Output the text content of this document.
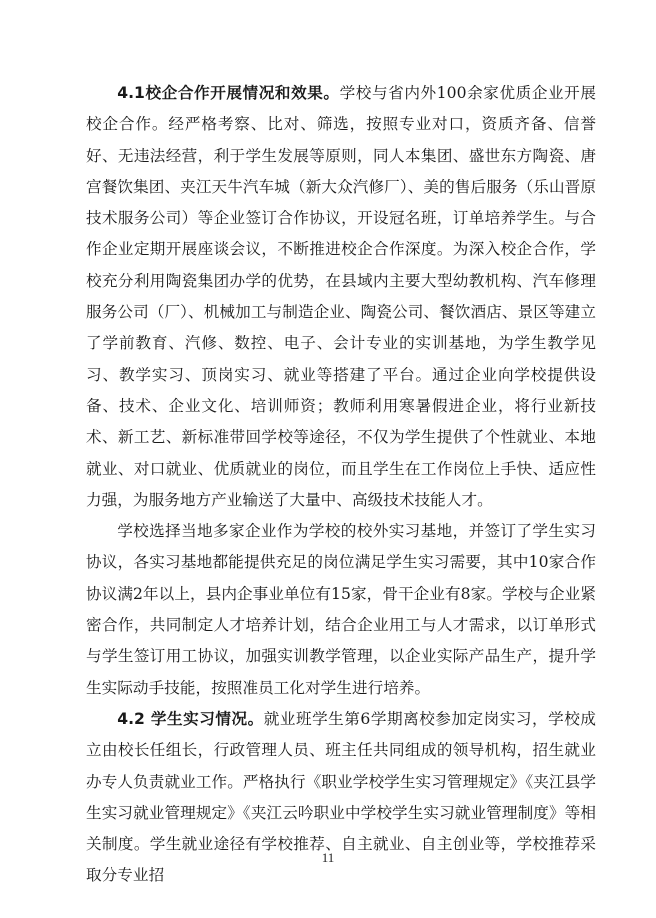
4.1校企合作开展情况和效果。学校与省内外100余家优质企业开展校企合作。经严格考察、比对、筛选，按照专业对口，资质齐备、信誉好、无违法经营，利于学生发展等原则，同人本集团、盛世东方陶瓷、唐宫餐饮集团、夹江天牛汽车城（新大众汽修厂）、美的售后服务（乐山晋原技术服务公司）等企业签订合作协议，开设冠名班，订单培养学生。与合作企业定期开展座谈会议，不断推进校企合作深度。为深入校企合作，学校充分利用陶瓷集团办学的优势，在县域内主要大型幼教机构、汽车修理服务公司（厂）、机械加工与制造企业、陶瓷公司、餐饮酒店、景区等建立了学前教育、汽修、数控、电子、会计专业的实训基地，为学生教学见习、教学实习、顶岗实习、就业等搭建了平台。通过企业向学校提供设备、技术、企业文化、培训师资；教师利用寒暑假进企业，将行业新技术、新工艺、新标准带回学校等途径，不仅为学生提供了个性就业、本地就业、对口就业、优质就业的岗位，而且学生在工作岗位上手快、适应性力强，为服务地方产业输送了大量中、高级技术技能人才。

学校选择当地多家企业作为学校的校外实习基地，并签订了学生实习协议，各实习基地都能提供充足的岗位满足学生实习需要，其中10家合作协议满2年以上，县内企事业单位有15家，骨干企业有8家。学校与企业紧密合作，共同制定人才培养计划，结合企业用工与人才需求，以订单形式与学生签订用工协议，加强实训教学管理，以企业实际产品生产，提升学生实际动手技能，按照准员工化对学生进行培养。

4.2 学生实习情况。就业班学生第6学期离校参加定岗实习，学校成立由校长任组长，行政管理人员、班主任共同组成的领导机构，招生就业办专人负责就业工作。严格执行《职业学校学生实习管理规定》《夹江县学生实习就业管理规定》《夹江云吟职业中学校学生实习就业管理制度》等相关制度。学生就业途径有学校推荐、自主就业、自主创业等，学校推荐采取分专业招

11
